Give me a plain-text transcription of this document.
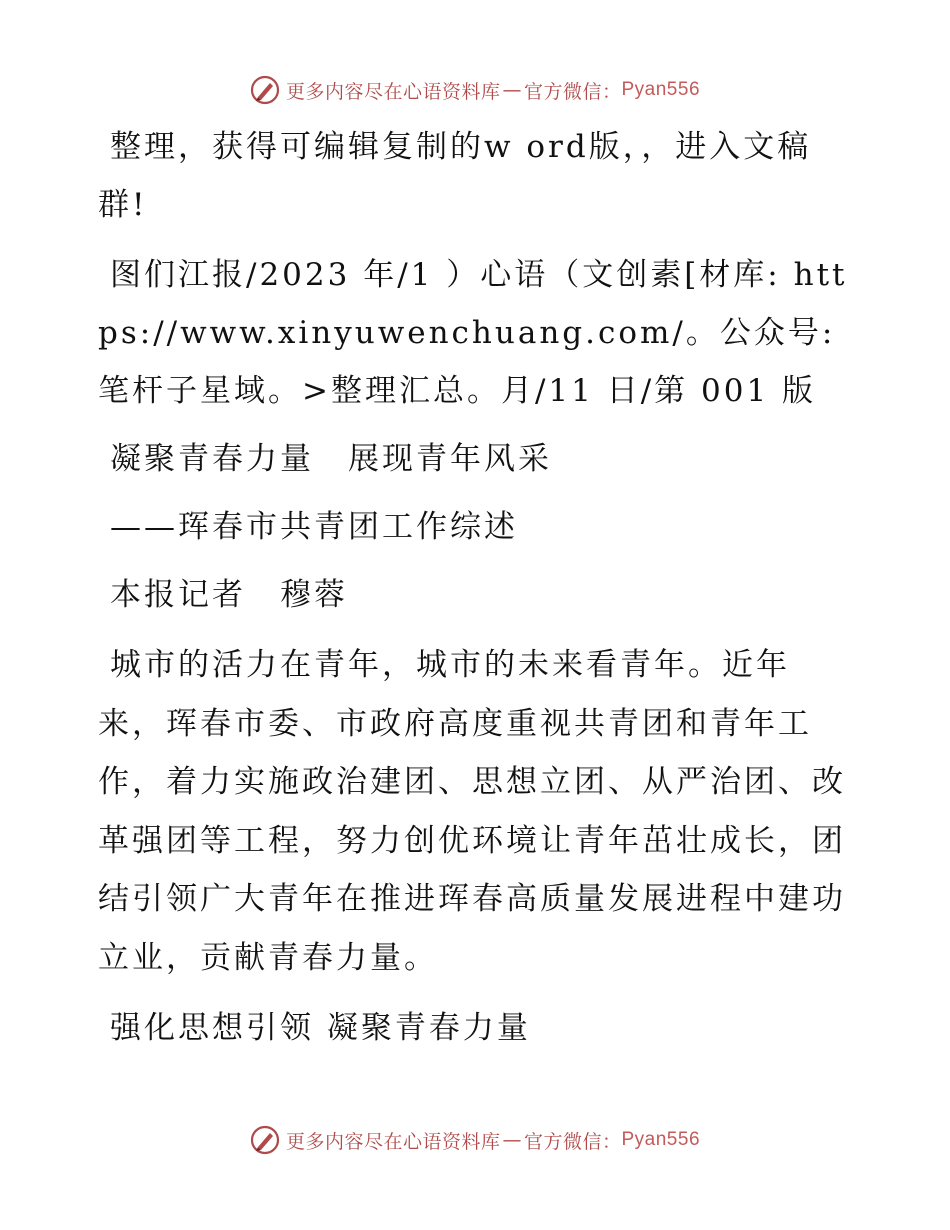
更多内容尽在心语资料库 — 官方微信： Pyan556

整理，获得可编辑复制的w ord版，，进入文稿群!

图们江报/2023 年/1 ）心语（文创素[材库: https://www.xinyuwenchuang.com/。公众号: 笔杆子星域。>整理汇总。月/11 日/第 001 版

凝聚青春力量　展现青年风采

——珲春市共青团工作综述

本报记者　穆蓉

城市的活力在青年，城市的未来看青年。近年来，珲春市委、市政府高度重视共青团和青年工作，着力实施政治建团、思想立团、从严治团、改革强团等工程，努力创优环境让青年茁壮成长，团结引领广大青年在推进珲春高质量发展进程中建功立业，贡献青春力量。

强化思想引领 凝聚青春力量

更多内容尽在心语资料库 — 官方微信： Pyan556
